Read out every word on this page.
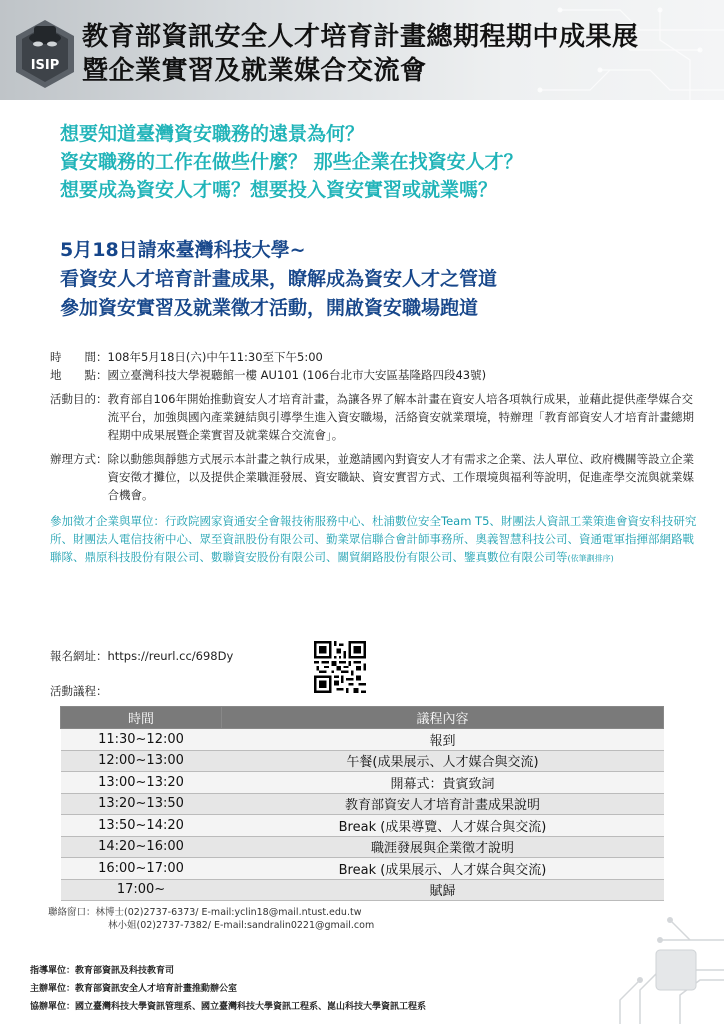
ISIP
教育部資訊安全人才培育計畫總期程期中成果展
暨企業實習及就業媒合交流會
想要知道臺灣資安職務的遠景為何？
資安職務的工作在做些什麼？ 那些企業在找資安人才？
想要成為資安人才嗎？想要投入資安實習或就業嗎？
5月18日請來臺灣科技大學~
看資安人才培育計畫成果，瞭解成為資安人才之管道
參加資安實習及就業徵才活動，開啟資安職場跑道
時　　間： 108年5月18日(六)中午11:30至下午5:00
地　　點： 國立臺灣科技大學視聽館一樓 AU101 (106台北市大安區基隆路四段43號)
活動目的： 教育部自106年開始推動資安人才培育計畫，為讓各界了解本計畫在資安人培各項執行成果，並藉此提供產學媒合交流平台，加強與國內產業鏈結與引導學生進入資安職場，活絡資安就業環境，特辦理「教育部資安人才培育計畫總期程期中成果展暨企業實習及就業媒合交流會」。
辦理方式： 除以動態與靜態方式展示本計畫之執行成果，並邀請國內對資安人才有需求之企業、法人單位、政府機關等設立企業資安徵才攤位，以及提供企業職涯發展、資安職缺、資安實習方式、工作環境與福利等說明，促進產學交流與就業媒合機會。
參加徵才企業與單位：行政院國家資通安全會報技術服務中心、杜浦數位安全Team T5、財團法人資訊工業策進會資安科技研究所、財團法人電信技術中心、眾至資訊股份有限公司、勤業眾信聯合會計師事務所、奧義智慧科技公司、資通電軍指揮部網路戰聯隊、鼎原科技股份有限公司、數聯資安股份有限公司、關貿網路股份有限公司、鑒真數位有限公司等(依筆劃排序)
報名網址：https://reurl.cc/698Dy
活動議程：
時間	議程內容
11:30~12:00	報到
12:00~13:00	午餐(成果展示、人才媒合與交流)
13:00~13:20	開幕式：貴賓致詞
13:20~13:50	教育部資安人才培育計畫成果說明
13:50~14:20	Break (成果導覽、人才媒合與交流)
14:20~16:00	職涯發展與企業徵才說明
16:00~17:00	Break (成果展示、人才媒合與交流)
17:00~	賦歸
聯絡窗口：林博士(02)2737-6373/ E-mail:yclin18@mail.ntust.edu.tw
林小姐(02)2737-7382/ E-mail:sandralin0221@gmail.com
指導單位：教育部資訊及科技教育司
主辦單位：教育部資訊安全人才培育計畫推動辦公室
協辦單位：國立臺灣科技大學資訊管理系、國立臺灣科技大學資訊工程系、崑山科技大學資訊工程系
